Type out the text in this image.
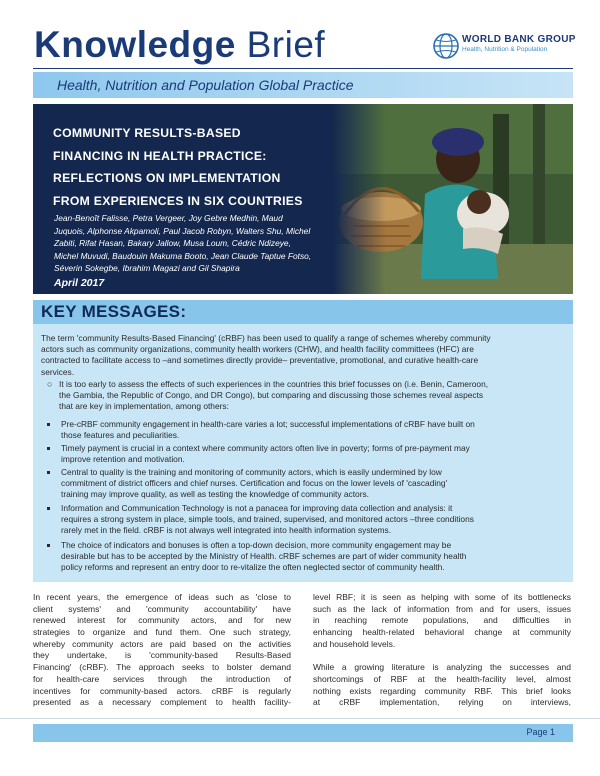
Knowledge Brief	WORLD BANK GROUP
Health, Nutrition & Population
Health, Nutrition and Population Global Practice
COMMUNITY RESULTS-BASED
FINANCING IN HEALTH PRACTICE:
REFLECTIONS ON IMPLEMENTATION
FROM EXPERIENCES IN SIX COUNTRIES
Jean-Benoît Falisse, Petra Vergeer, Joy Gebre Medhin, Maud
Juquois, Alphonse Akpamoli, Paul Jacob Robyn, Walters Shu, Michel
Zabiti, Rifat Hasan, Bakary Jallow, Musa Loum, Cédric Ndizeye,
Michel Muvudi, Baudouin Makuma Booto, Jean Claude Taptue Fotso,
Séverin Sokegbe, Ibrahim Magazi and Gil Shapira
April 2017
KEY MESSAGES:
The term 'community Results-Based Financing' (cRBF) has been used to qualify a range of schemes whereby community
actors such as community organizations, community health workers (CHW), and health facility committees (HFC) are
contracted to facilitate access to –and sometimes directly provide– preventative, promotional, and curative health-care
services.
○ It is too early to assess the effects of such experiences in the countries this brief focusses on (i.e. Benin, Cameroon,
the Gambia, the Republic of Congo, and DR Congo), but comparing and discussing those schemes reveal aspects
that are key in implementation, among others:
Pre-cRBF community engagement in health-care varies a lot; successful implementations of cRBF have built on
those features and peculiarities.
Timely payment is crucial in a context where community actors often live in poverty; forms of pre-payment may
improve retention and motivation.
Central to quality is the training and monitoring of community actors, which is easily undermined by low
commitment of district officers and chief nurses. Certification and focus on the lower levels of 'cascading'
training may improve quality, as well as testing the knowledge of community actors.
Information and Communication Technology is not a panacea for improving data collection and analysis: it
requires a strong system in place, simple tools, and trained, supervised, and monitored actors –three conditions
rarely met in the field. cRBF is not always well integrated into health information systems.
The choice of indicators and bonuses is often a top-down decision, more community engagement may be
desirable but has to be accepted by the Ministry of Health. cRBF schemes are part of wider community health
policy reforms and represent an entry door to re-vitalize the often neglected sector of community health.
In recent years, the emergence of ideas such as 'close to
client systems' and 'community accountability' have
renewed interest for community actors, and for new
strategies to organize and fund them. One such strategy,
whereby community actors are paid based on the activities
they undertake, is 'community-based Results-Based
Financing' (cRBF). The approach seeks to bolster demand
for health-care services through the introduction of
incentives for community-based actors. cRBF is regularly
presented as a necessary complement to health facility-
level RBF; it is seen as helping with some of its bottlenecks
such as the lack of information from and for users, issues
in reaching remote populations, and difficulties in
enhancing health-related behavioral change at community
and household levels.
While a growing literature is analyzing the successes and
shortcomings of RBF at the health-facility level, almost
nothing exists regarding community RBF. This brief looks
at cRBF implementation, relying on interviews,
Page 1
